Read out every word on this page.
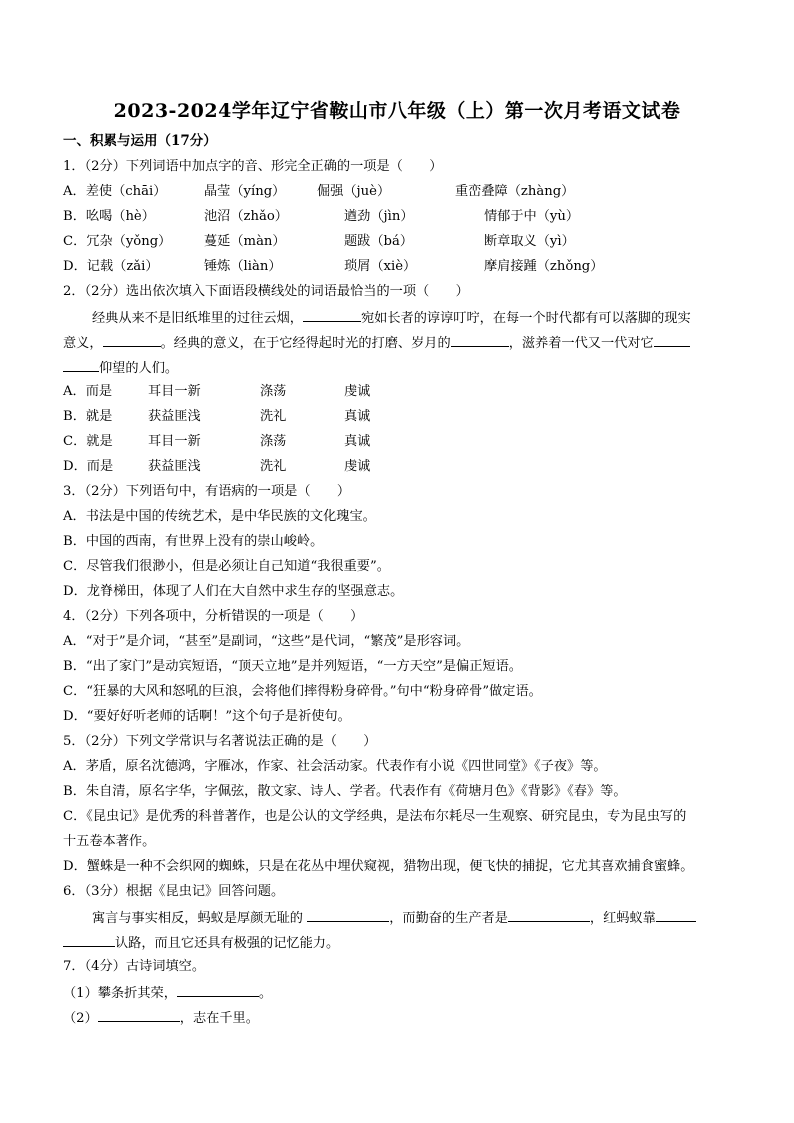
2023-2024学年辽宁省鞍山市八年级（上）第一次月考语文试卷
一、积累与运用（17分）
1．（2分）下列词语中加点字的音、形完全正确的一项是（　　）
A．差使（chāi）	晶莹（yíng） 倔强（juè）	重峦叠障（zhàng）
B．吆喝（hè）	池沼（zhǎo）	遒劲（jìn）	情郁于中（yù）
C．冗杂（yǒng） 蔓延（màn）	题跋（bá）	断章取义（yì）
D．记载（zǎi）	锤炼（liàn）	琐屑（xiè）	摩肩接踵（zhǒng）
2．（2分）选出依次填入下面语段横线处的词语最恰当的一项（　　）
经典从来不是旧纸堆里的过往云烟，	宛如长者的谆谆叮咛，在每一个时代都有可以落脚的现实
意义，	。经典的意义，在于它经得起时光的打磨、岁月的	，滋养着一代又一代对它
仰望的人们。
A．而是	耳目一新	涤荡	虔诚
B．就是	获益匪浅	洗礼	真诚
C．就是	耳目一新	涤荡	真诚
D．而是	获益匪浅	洗礼	虔诚
3．（2分）下列语句中，有语病的一项是（　　）
A．书法是中国的传统艺术，是中华民族的文化瑰宝。
B．中国的西南，有世界上没有的崇山峻岭。
C．尽管我们很渺小，但是必须让自己知道“我很重要”。
D．龙脊梯田，体现了人们在大自然中求生存的坚强意志。
4．（2分）下列各项中，分析错误的一项是（　　）
A．“对于”是介词，“甚至”是副词，“这些”是代词，“繁茂”是形容词。
B．“出了家门”是动宾短语，“顶天立地”是并列短语，“一方天空”是偏正短语。
C．“狂暴的大风和怒吼的巨浪，会将他们摔得粉身碎骨。”句中“粉身碎骨”做定语。
D．“要好好听老师的话啊！”这个句子是祈使句。
5．（2分）下列文学常识与名著说法正确的是（　　）
A．茅盾，原名沈德鸿，字雁冰，作家、社会活动家。代表作有小说《四世同堂》《子夜》等。
B．朱自清，原名字华，字佩弦，散文家、诗人、学者。代表作有《荷塘月色》《背影》《春》等。
C．《昆虫记》是优秀的科普著作，也是公认的文学经典，是法布尔耗尽一生观察、研究昆虫，专为昆虫写的
十五卷本著作。
D．蟹蛛是一种不会织网的蜘蛛，只是在花丛中埋伏窥视，猎物出现，便飞快的捕捉，它尤其喜欢捕食蜜蜂。
6．（3分）根据《昆虫记》回答问题。
寓言与事实相反，蚂蚁是厚颜无耻的	，而勤奋的生产者是	，红蚂蚁靠
认路，而且它还具有极强的记忆能力。
7．（4分）古诗词填空。
（1）攀条折其荣，	。
（2）	，志在千里。
